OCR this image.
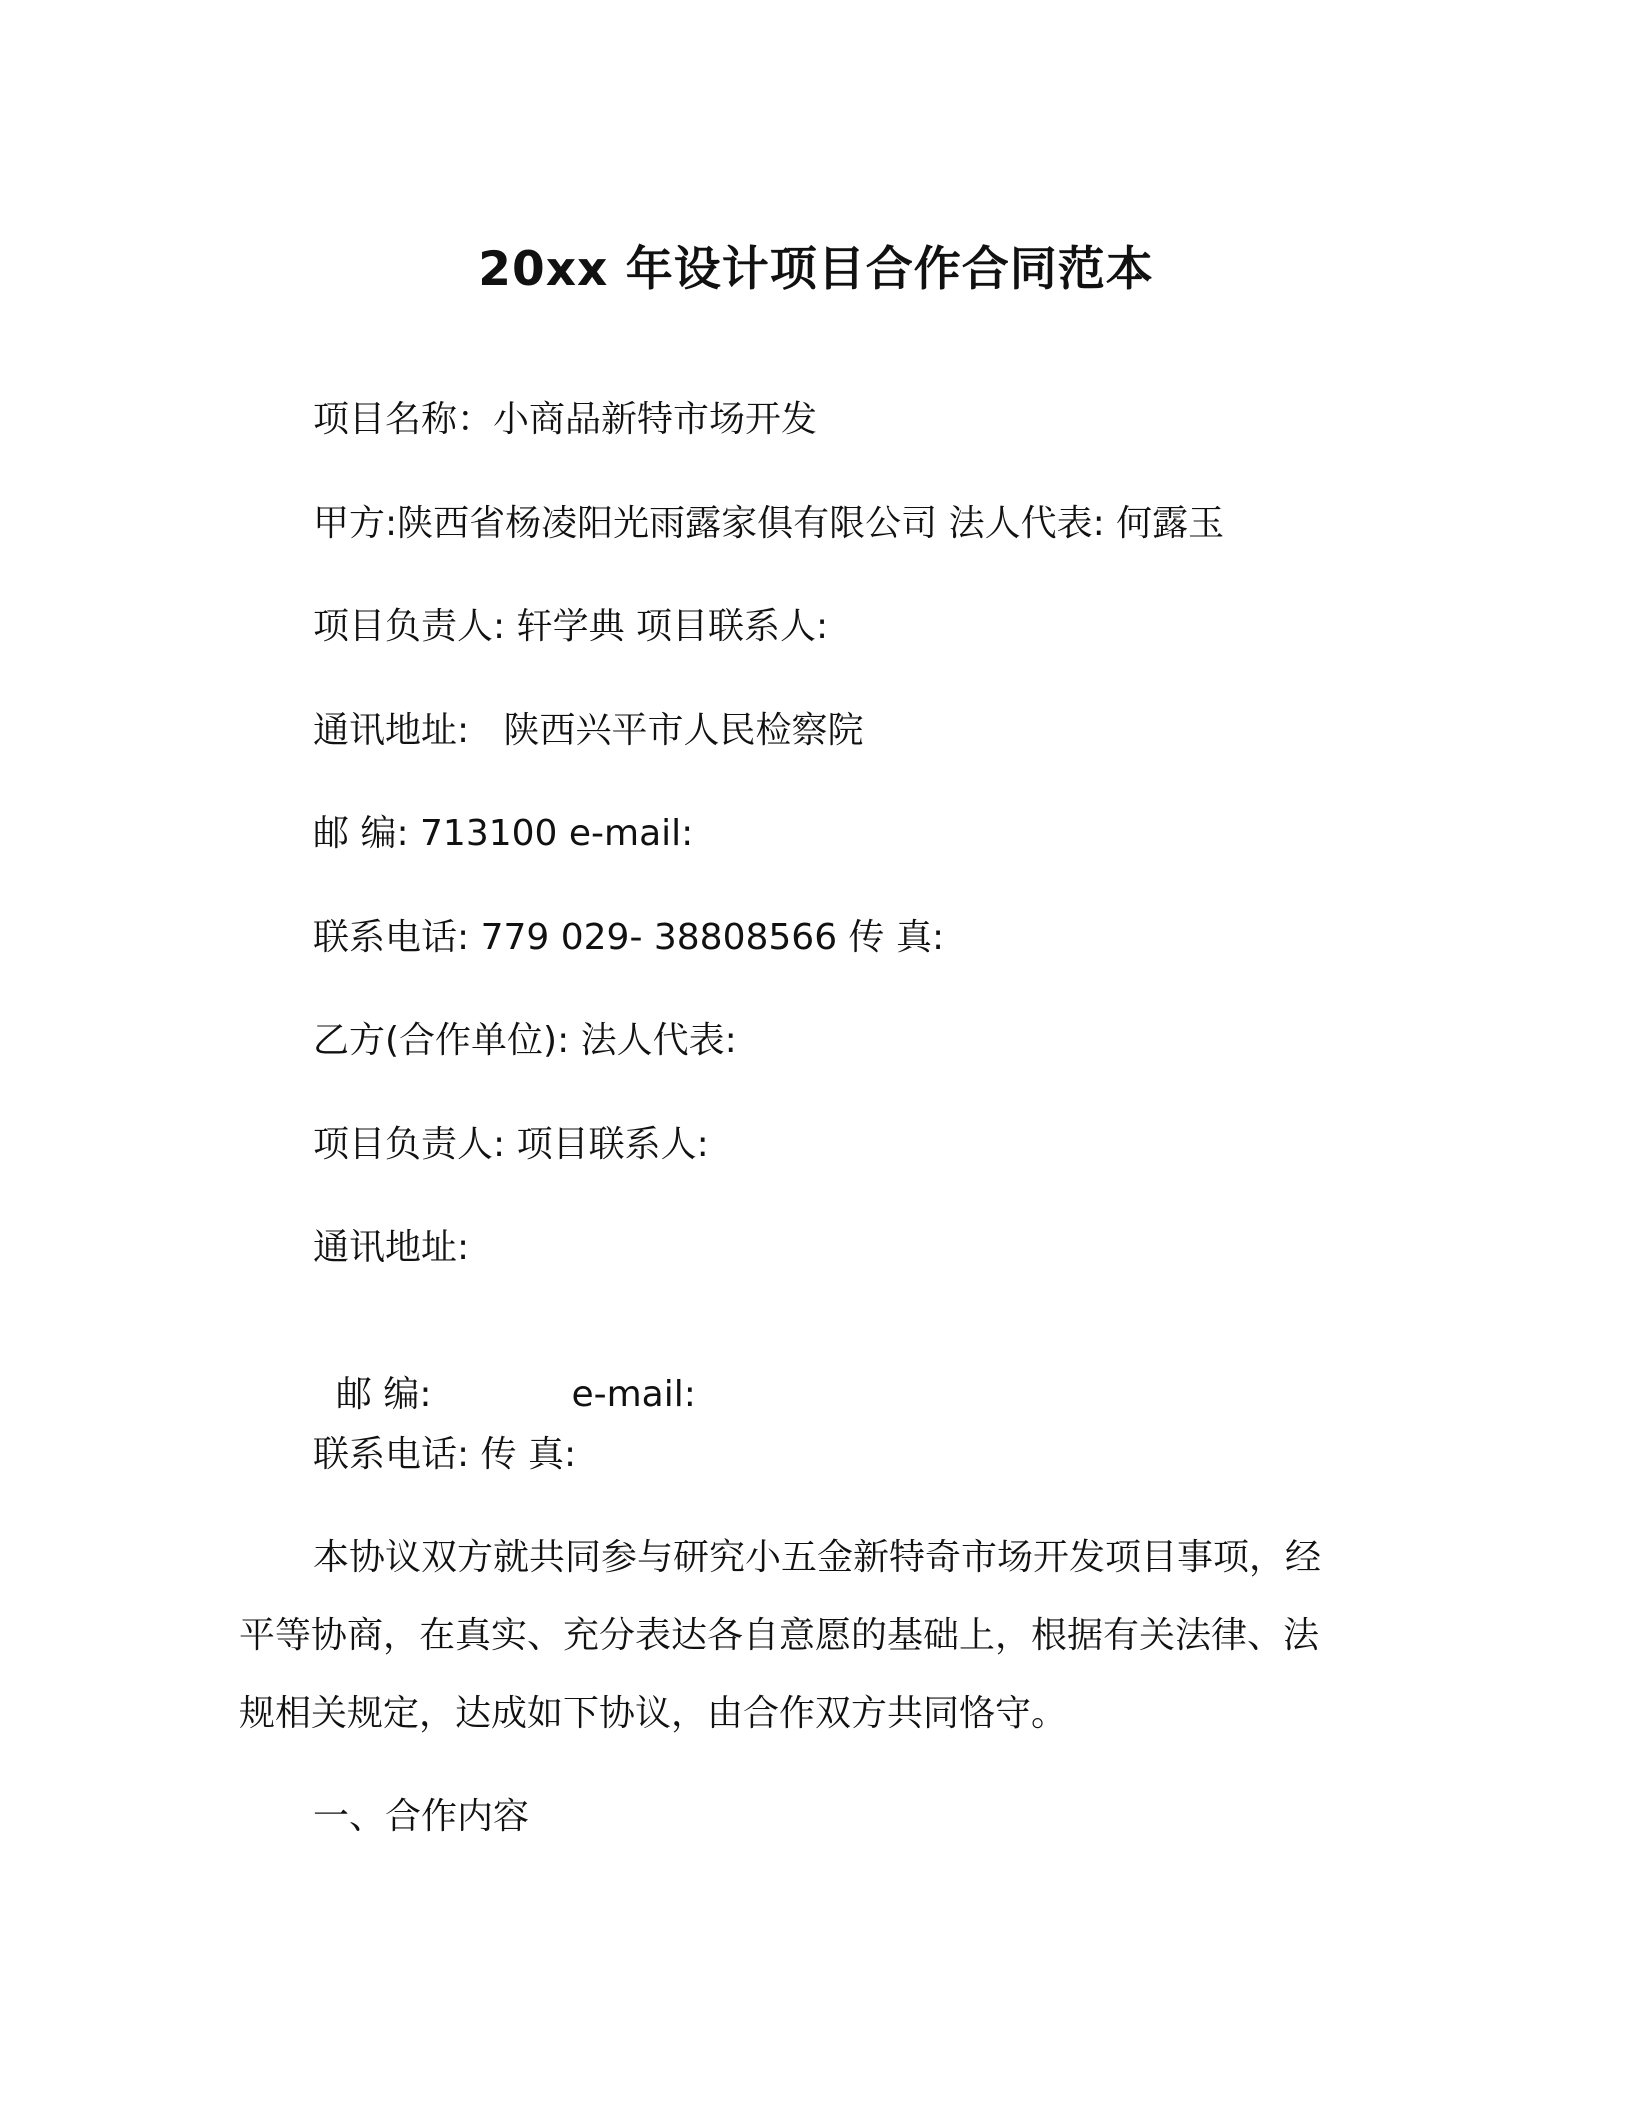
20xx 年设计项目合作合同范本
项目名称：小商品新特市场开发
甲方:陕西省杨凌阳光雨露家俱有限公司 法人代表: 何露玉
项目负责人: 轩学典 项目联系人:
通讯地址:   陕西兴平市人民检察院
邮 编: 713100 e-mail:
联系电话: 779 029- 38808566 传 真:
乙方(合作单位): 法人代表:
项目负责人: 项目联系人:
通讯地址:

邮 编:	e-mail:

联系电话: 传 真:
本协议双方就共同参与研究小五金新特奇市场开发项目事项，经平等协商，在真实、充分表达各自意愿的基础上，根据有关法律、法规相关规定，达成如下协议，由合作双方共同恪守。
一、合作内容
